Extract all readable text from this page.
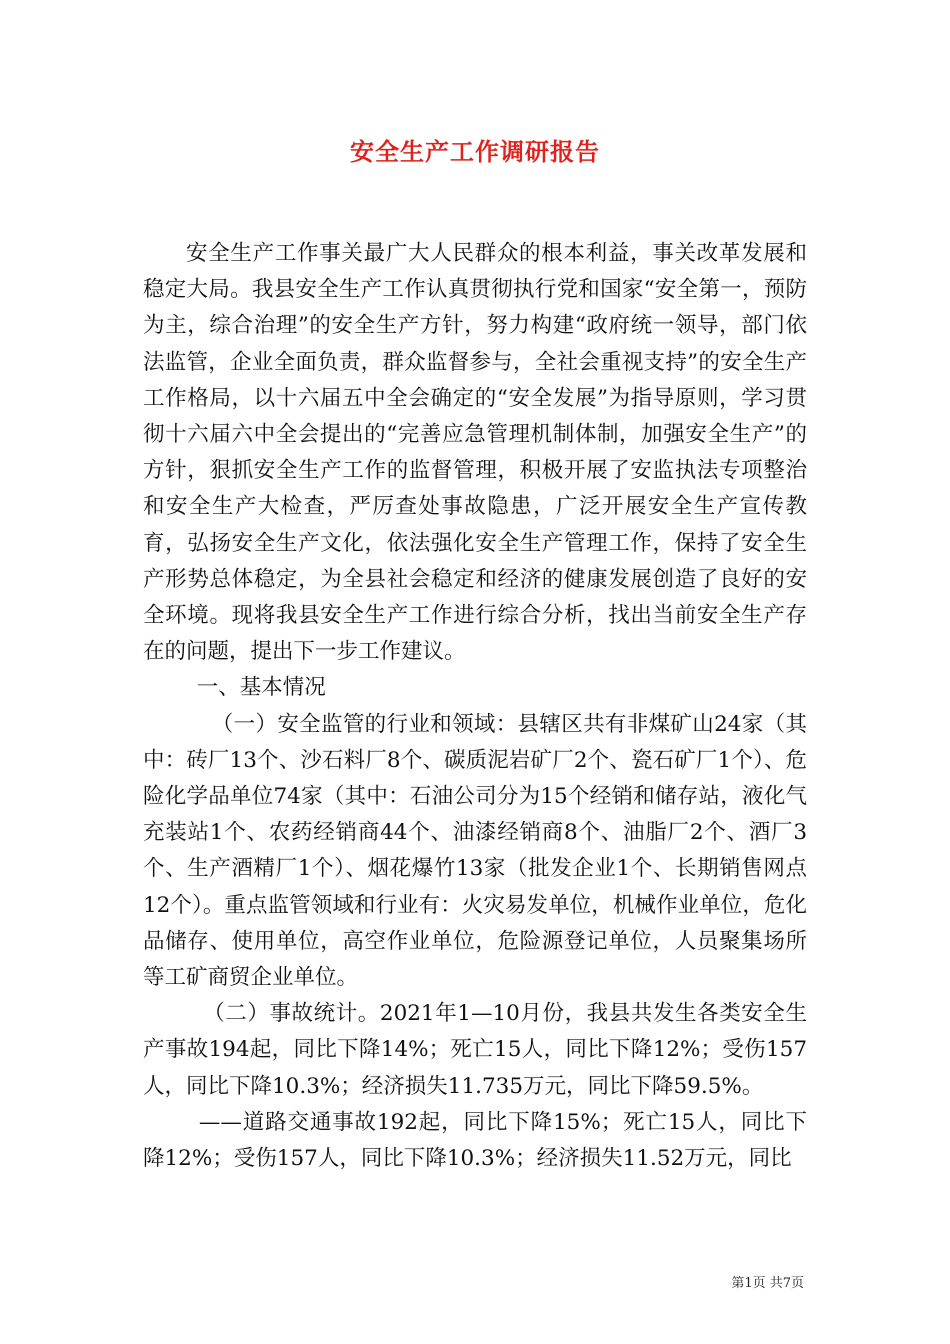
安全生产工作调研报告

安全生产工作事关最广大人民群众的根本利益，事关改革发展和稳定大局。我县安全生产工作认真贯彻执行党和国家“安全第一，预防为主，综合治理”的安全生产方针，努力构建“政府统一领导，部门依法监管，企业全面负责，群众监督参与，全社会重视支持”的安全生产工作格局，以十六届五中全会确定的“安全发展”为指导原则，学习贯彻十六届六中全会提出的“完善应急管理机制体制，加强安全生产”的方针，狠抓安全生产工作的监督管理，积极开展了安监执法专项整治和安全生产大检查，严厉查处事故隐患，广泛开展安全生产宣传教育，弘扬安全生产文化，依法强化安全生产管理工作，保持了安全生产形势总体稳定，为全县社会稳定和经济的健康发展创造了良好的安全环境。现将我县安全生产工作进行综合分析，找出当前安全生产存在的问题，提出下一步工作建议。

一、基本情况

（一）安全监管的行业和领域：县辖区共有非煤矿山24家（其中：砖厂13个、沙石料厂8个、碳质泥岩矿厂2个、瓷石矿厂1个）、危险化学品单位74家（其中：石油公司分为15个经销和储存站，液化气充装站1个、农药经销商44个、油漆经销商8个、油脂厂2个、酒厂3个、生产酒精厂1个）、烟花爆竹13家（批发企业1个、长期销售网点12个）。重点监管领域和行业有：火灾易发单位，机械作业单位，危化品储存、使用单位，高空作业单位，危险源登记单位，人员聚集场所等工矿商贸企业单位。

（二）事故统计。2021年1—10月份，我县共发生各类安全生产事故194起，同比下降14%；死亡15人，同比下降12%；受伤157人，同比下降10.3%；经济损失11.735万元，同比下降59.5%。

——道路交通事故192起，同比下降15%；死亡15人，同比下降12%；受伤157人，同比下降10.3%；经济损失11.52万元，同比

第1页 共7页
